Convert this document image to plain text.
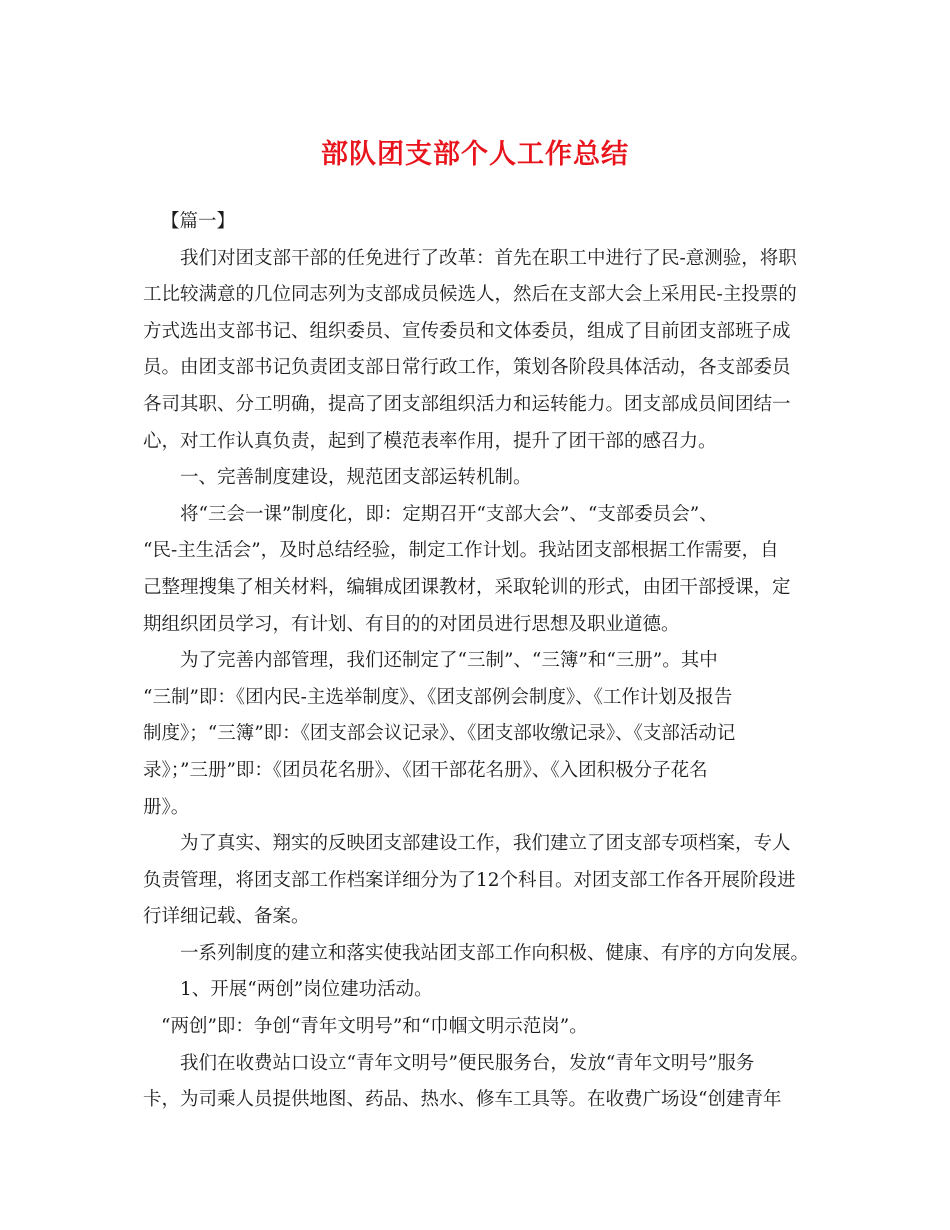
部队团支部个人工作总结
【篇一】
我们对团支部干部的任免进行了改革：首先在职工中进行了民-意测验，将职
工比较满意的几位同志列为支部成员候选人，然后在支部大会上采用民-主投票的
方式选出支部书记、组织委员、宣传委员和文体委员，组成了目前团支部班子成
员。由团支部书记负责团支部日常行政工作，策划各阶段具体活动，各支部委员
各司其职、分工明确，提高了团支部组织活力和运转能力。团支部成员间团结一
心，对工作认真负责，起到了模范表率作用，提升了团干部的感召力。
一、完善制度建设，规范团支部运转机制。
将“三会一课”制度化，即：定期召开“支部大会”、“支部委员会”、
“民-主生活会”，及时总结经验，制定工作计划。我站团支部根据工作需要，自
己整理搜集了相关材料，编辑成团课教材，采取轮训的形式，由团干部授课，定
期组织团员学习，有计划、有目的的对团员进行思想及职业道德。
为了完善内部管理，我们还制定了“三制”、“三簿”和“三册”。其中
“三制”即：《团内民-主选举制度》、《团支部例会制度》、《工作计划及报告
制度》；“三簿”即：《团支部会议记录》、《团支部收缴记录》、《支部活动记
录》；”三册”即：《团员花名册》、《团干部花名册》、《入团积极分子花名
册》。
为了真实、翔实的反映团支部建设工作，我们建立了团支部专项档案，专人
负责管理，将团支部工作档案详细分为了12个科目。对团支部工作各开展阶段进
行详细记载、备案。
一系列制度的建立和落实使我站团支部工作向积极、健康、有序的方向发展。
1、开展“两创”岗位建功活动。
“两创”即：争创“青年文明号”和“巾帼文明示范岗”。
我们在收费站口设立“青年文明号”便民服务台，发放“青年文明号”服务
卡，为司乘人员提供地图、药品、热水、修车工具等。在收费广场设“创建青年
